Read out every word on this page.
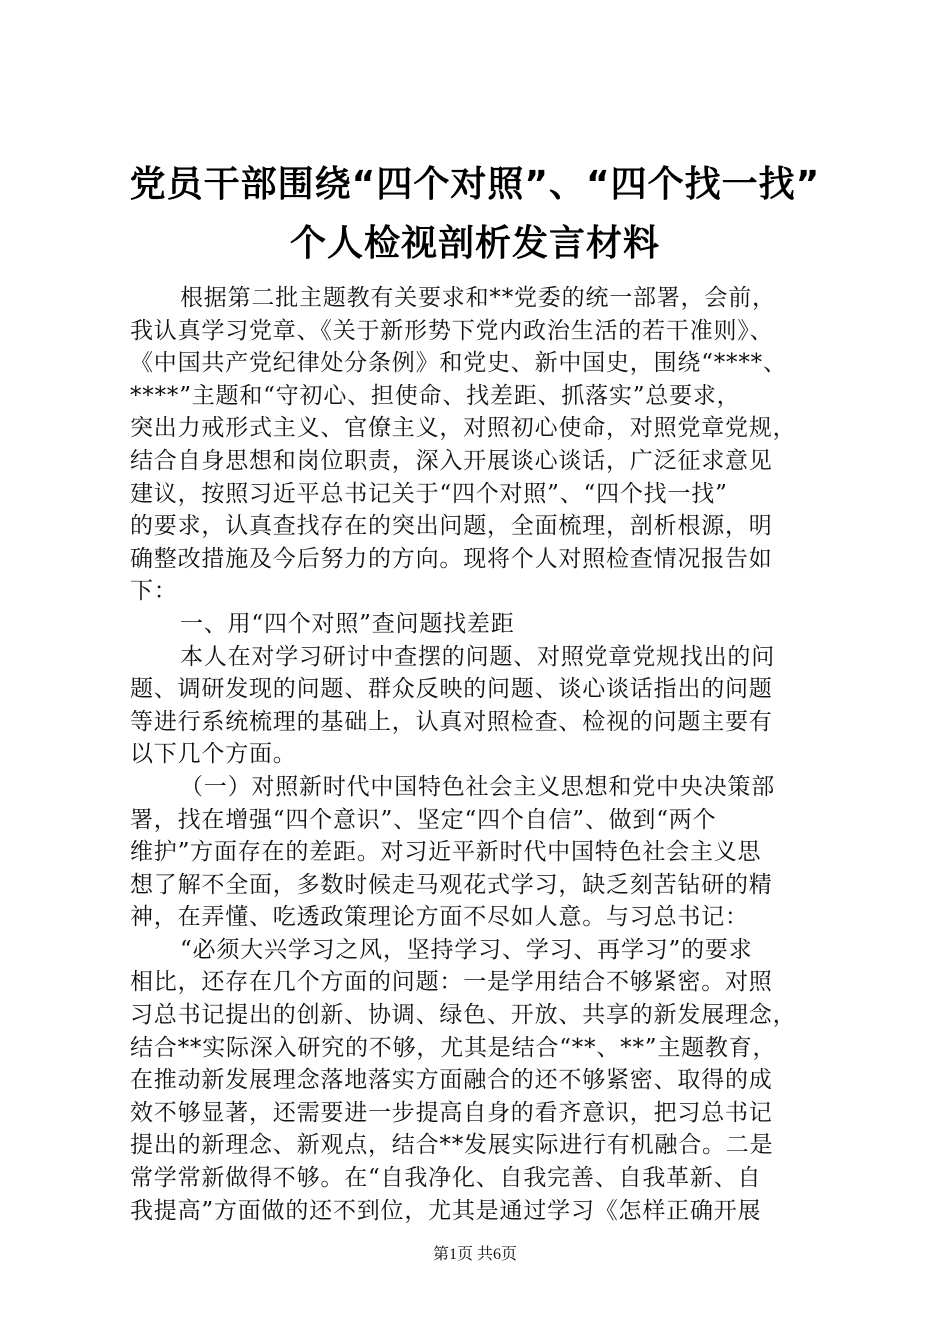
党员干部围绕“四个对照”、“四个找一找”
个人检视剖析发言材料
根据第二批主题教有关要求和**党委的统一部署，会前，
我认真学习党章、《关于新形势下党内政治生活的若干准则》、
《中国共产党纪律处分条例》和党史、新中国史，围绕“****、
****”主题和“守初心、担使命、找差距、抓落实”总要求，
突出力戒形式主义、官僚主义，对照初心使命，对照党章党规，
结合自身思想和岗位职责，深入开展谈心谈话，广泛征求意见
建议，按照习近平总书记关于“四个对照”、“四个找一找”
的要求，认真查找存在的突出问题，全面梳理，剖析根源，明
确整改措施及今后努力的方向。现将个人对照检查情况报告如
下：
一、用“四个对照”查问题找差距
本人在对学习研讨中查摆的问题、对照党章党规找出的问
题、调研发现的问题、群众反映的问题、谈心谈话指出的问题
等进行系统梳理的基础上，认真对照检查、检视的问题主要有
以下几个方面。
（一）对照新时代中国特色社会主义思想和党中央决策部
署，找在增强“四个意识”、坚定“四个自信”、做到“两个
维护”方面存在的差距。对习近平新时代中国特色社会主义思
想了解不全面，多数时候走马观花式学习，缺乏刻苦钻研的精
神，在弄懂、吃透政策理论方面不尽如人意。与习总书记：
“必须大兴学习之风，坚持学习、学习、再学习”的要求
相比，还存在几个方面的问题：一是学用结合不够紧密。对照
习总书记提出的创新、协调、绿色、开放、共享的新发展理念，
结合**实际深入研究的不够，尤其是结合“**、**”主题教育，
在推动新发展理念落地落实方面融合的还不够紧密、取得的成
效不够显著，还需要进一步提高自身的看齐意识，把习总书记
提出的新理念、新观点，结合**发展实际进行有机融合。二是
常学常新做得不够。在“自我净化、自我完善、自我革新、自
我提高”方面做的还不到位，尤其是通过学习《怎样正确开展
第1页 共6页
